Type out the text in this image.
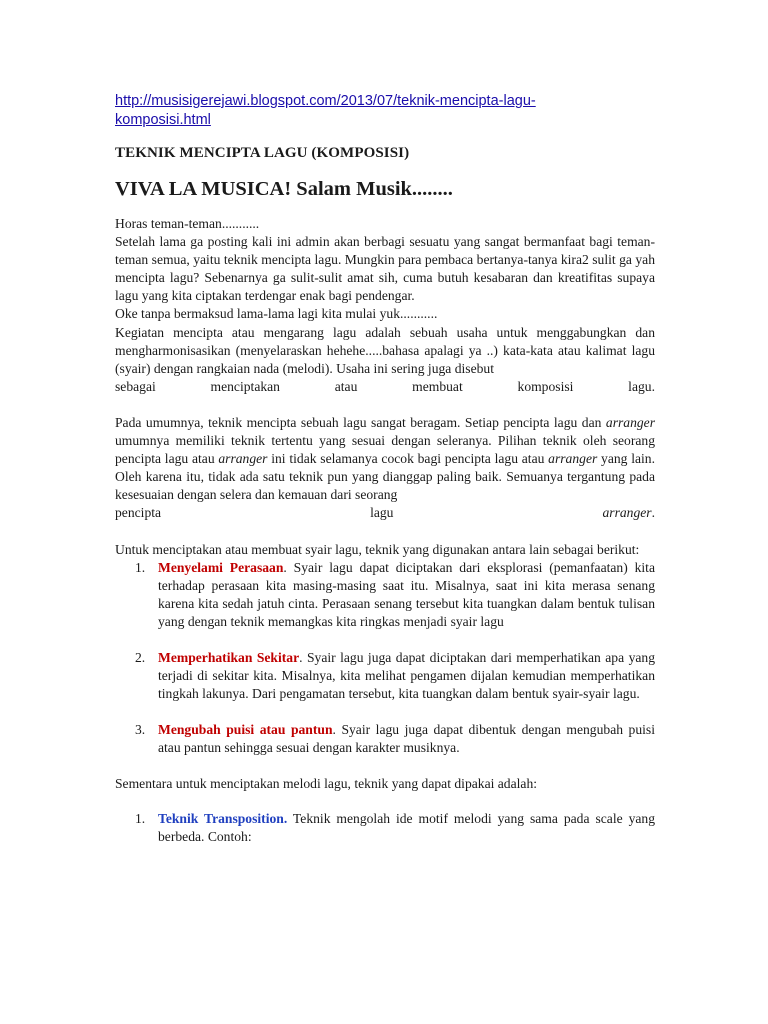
http://musisigerejawi.blogspot.com/2013/07/teknik-mencipta-lagu-
komposisi.html
TEKNIK MENCIPTA LAGU (KOMPOSISI)
VIVA LA MUSICA! Salam Musik........
Horas teman-teman...........
Setelah lama ga posting kali ini admin akan berbagi sesuatu yang sangat bermanfaat bagi teman-teman semua, yaitu teknik mencipta lagu. Mungkin para pembaca bertanya-tanya kira2 sulit ga yah mencipta lagu? Sebenarnya ga sulit-sulit amat sih, cuma butuh kesabaran dan kreatifitas supaya lagu yang kita ciptakan terdengar enak bagi pendengar.
Oke tanpa bermaksud lama-lama lagi kita mulai yuk...........
Kegiatan mencipta atau mengarang lagu adalah sebuah usaha untuk menggabungkan dan mengharmonisasikan (menyelaraskan hehehe.....bahasa apalagi ya ..) kata-kata atau kalimat lagu (syair) dengan rangkaian nada (melodi). Usaha ini sering juga disebut
sebagai menciptakan atau membuat komposisi lagu.
Pada umumnya, teknik mencipta sebuah lagu sangat beragam. Setiap pencipta lagu dan arranger umumnya memiliki teknik tertentu yang sesuai dengan seleranya. Pilihan teknik oleh seorang pencipta lagu atau arranger ini tidak selamanya cocok bagi pencipta lagu atau arranger yang lain. Oleh karena itu, tidak ada satu teknik pun yang dianggap paling baik. Semuanya tergantung pada kesesuaian dengan selera dan kemauan dari seorang
pencipta lagu arranger.
Untuk menciptakan atau membuat syair lagu, teknik yang digunakan antara lain sebagai berikut:
1. Menyelami Perasaan. Syair lagu dapat diciptakan dari eksplorasi (pemanfaatan) kita terhadap perasaan kita masing-masing saat itu. Misalnya, saat ini kita merasa senang karena kita sedah jatuh cinta. Perasaan senang tersebut kita tuangkan dalam bentuk tulisan yang dengan teknik memangkas kita ringkas menjadi syair lagu
2. Memperhatikan Sekitar. Syair lagu juga dapat diciptakan dari memperhatikan apa yang terjadi di sekitar kita. Misalnya, kita melihat pengamen dijalan kemudian memperhatikan tingkah lakunya. Dari pengamatan tersebut, kita tuangkan dalam bentuk syair-syair lagu.
3. Mengubah puisi atau pantun. Syair lagu juga dapat dibentuk dengan mengubah puisi atau pantun sehingga sesuai dengan karakter musiknya.
Sementara untuk menciptakan melodi lagu, teknik yang dapat dipakai adalah:
1. Teknik Transposition. Teknik mengolah ide motif melodi yang sama pada scale yang berbeda. Contoh:
